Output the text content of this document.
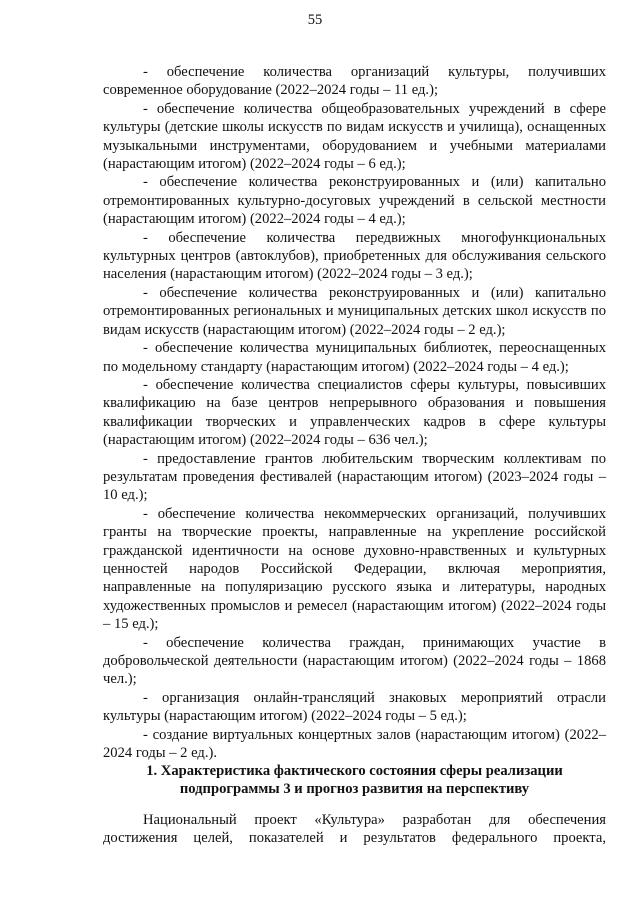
55

- обеспечение количества организаций культуры, получивших современное оборудование (2022–2024 годы – 11 ед.);

- обеспечение количества общеобразовательных учреждений в сфере культуры (детские школы искусств по видам искусств и училища), оснащенных музыкальными инструментами, оборудованием и учебными материалами (нарастающим итогом) (2022–2024 годы – 6 ед.);

- обеспечение количества реконструированных и (или) капитально отремонтированных культурно-досуговых учреждений в сельской местности (нарастающим итогом) (2022–2024 годы – 4 ед.);

- обеспечение количества передвижных многофункциональных культурных центров (автоклубов), приобретенных для обслуживания сельского населения (нарастающим итогом) (2022–2024 годы – 3 ед.);

- обеспечение количества реконструированных и (или) капитально отремонтированных региональных и муниципальных детских школ искусств по видам искусств (нарастающим итогом) (2022–2024 годы – 2 ед.);

- обеспечение количества муниципальных библиотек, переоснащенных по модельному стандарту (нарастающим итогом) (2022–2024 годы – 4 ед.);

- обеспечение количества специалистов сферы культуры, повысивших квалификацию на базе центров непрерывного образования и повышения квалификации творческих и управленческих кадров в сфере культуры (нарастающим итогом) (2022–2024 годы – 636 чел.);

- предоставление грантов любительским творческим коллективам по результатам проведения фестивалей (нарастающим итогом) (2023–2024 годы – 10 ед.);

- обеспечение количества некоммерческих организаций, получивших гранты на творческие проекты, направленные на укрепление российской гражданской идентичности на основе духовно-нравственных и культурных ценностей народов Российской Федерации, включая мероприятия, направленные на популяризацию русского языка и литературы, народных художественных промыслов и ремесел (нарастающим итогом) (2022–2024 годы – 15 ед.);

- обеспечение количества граждан, принимающих участие в добровольческой деятельности (нарастающим итогом) (2022–2024 годы – 1868 чел.);

- организация онлайн-трансляций знаковых мероприятий отрасли культуры (нарастающим итогом) (2022–2024 годы – 5 ед.);

- создание виртуальных концертных залов (нарастающим итогом) (2022–2024 годы – 2 ед.).

1. Характеристика фактического состояния сферы реализации
подпрограммы 3 и прогноз развития на перспективу

Национальный проект «Культура» разработан для обеспечения достижения целей, показателей и результатов федерального проекта,
